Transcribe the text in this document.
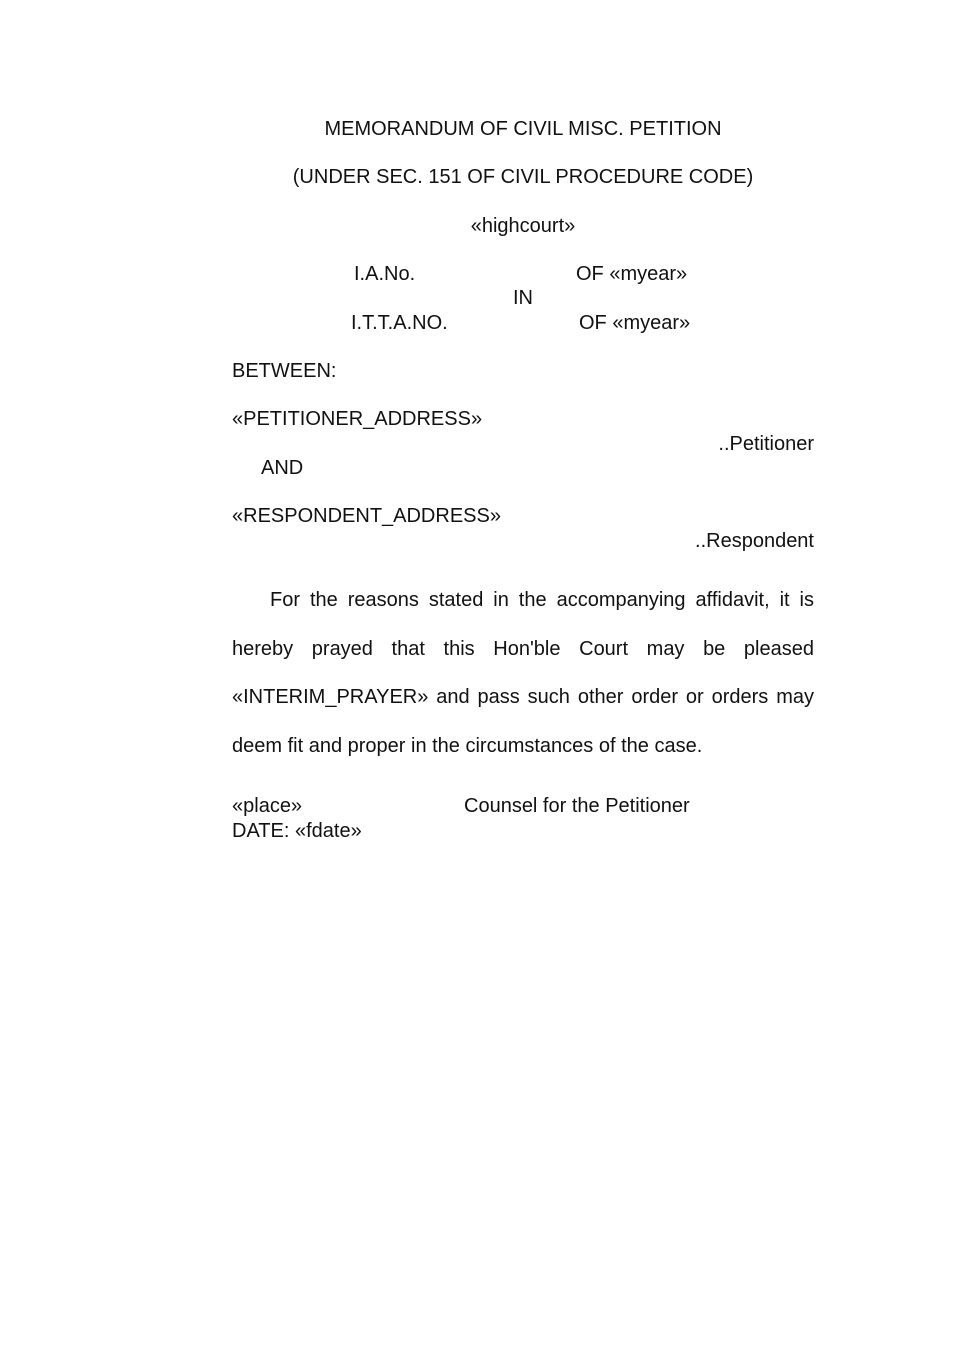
MEMORANDUM OF CIVIL MISC. PETITION
(UNDER SEC. 151 OF CIVIL PROCEDURE CODE)
«highcourt»
I.A.No.	OF «myear»
IN
I.T.T.A.NO.	OF «myear»
BETWEEN:
«PETITIONER_ADDRESS»
..Petitioner
AND
«RESPONDENT_ADDRESS»
..Respondent
For the reasons stated in the accompanying affidavit, it is hereby prayed that this Hon'ble Court may be pleased «INTERIM_PRAYER» and pass such other order or orders may deem fit and proper in the circumstances of the case.
«place»	Counsel for the Petitioner
DATE: «fdate»
